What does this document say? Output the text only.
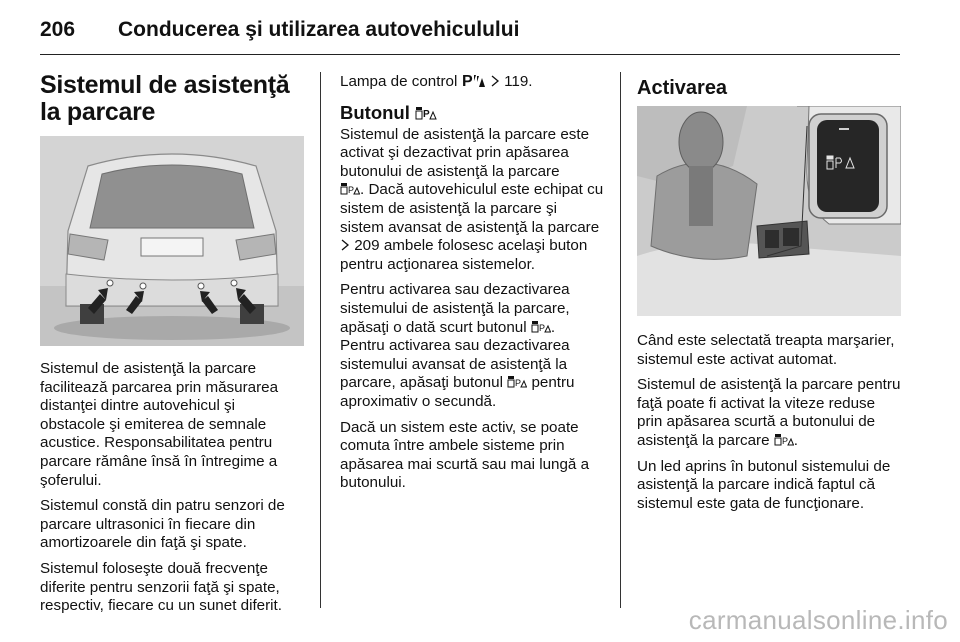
206 Conducerea şi utilizarea autovehiculului
Sistemul de asistenţă la parcare

Sistemul de asistenţă la parcare facilitează parcarea prin măsurarea distanţei dintre autovehicul şi obstacole şi emiterea de semnale acustice. Responsabilitatea pentru parcare rămâne însă în întregime a şoferului.

Sistemul constă din patru senzori de parcare ultrasonici în fiecare din amortizoarele din faţă şi spate.

Sistemul foloseşte două frecvenţe diferite pentru senzorii faţă şi spate, respectiv, fiecare cu un sunet diferit.

Lampa de control P
119.

Butonul P

Sistemul de asistenţă la parcare este activat şi dezactivat prin apăsarea butonului de asistenţă la parcare

P . Dacă autovehiculul este echipat cu sistem de asistenţă la parcare şi sistem avansat de asistenţă la parcare
209 ambele folosesc acelaşi buton pentru acţionarea sistemelor.

Pentru activarea sau dezactivarea sistemului de asistenţă la parcare, apăsaţi o dată scurt butonul P .
Pentru activarea sau dezactivarea sistemului avansat de asistenţă la parcare, apăsaţi butonul P pentru aproximativ o secundă.

Dacă un sistem este activ, se poate comuta între ambele sisteme prin apăsarea mai scurtă sau mai lungă a butonului.

Activarea

Când este selectată treapta marşarier, sistemul este activat automat.

Sistemul de asistenţă la parcare pentru faţă poate fi activat la viteze reduse prin apăsarea scurtă a butonului de asistenţă la parcare P .

Un led aprins în butonul sistemului de asistenţă la parcare indică faptul că sistemul este gata de funcţionare.

carmanualsonline.info
